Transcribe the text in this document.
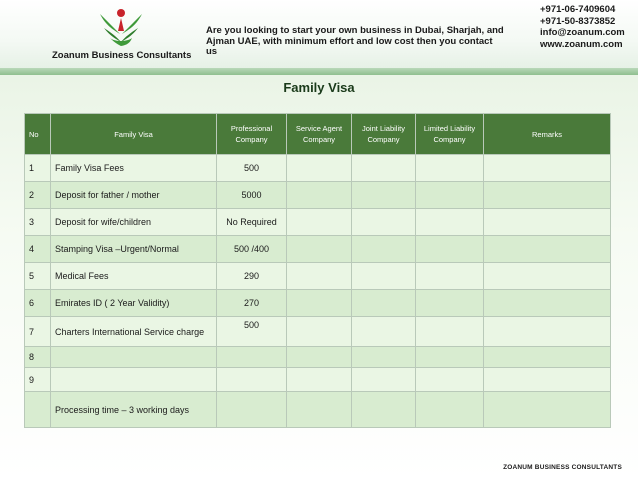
Zoanum Business Consultants
Are you looking to start your own business in Dubai, Sharjah, and Ajman UAE, with minimum effort and low cost then you contact us
+971-06-7409604
+971-50-8373852
info@zoanum.com
www.zoanum.com
Family Visa
No	Family Visa	Professional Company	Service Agent Company	Joint Liability Company	Limited Liability Company	Remarks
1	Family Visa Fees	500				
2	Deposit for father / mother	5000				
3	Deposit for wife/children	No Required				
4	Stamping Visa –Urgent/Normal	500 /400				
5	Medical Fees	290				
6	Emirates ID ( 2 Year Validity)	270				
7	Charters International Service charge	500				
8						
9						
	Processing time – 3 working days					
ZOANUM BUSINESS CONSULTANTS
